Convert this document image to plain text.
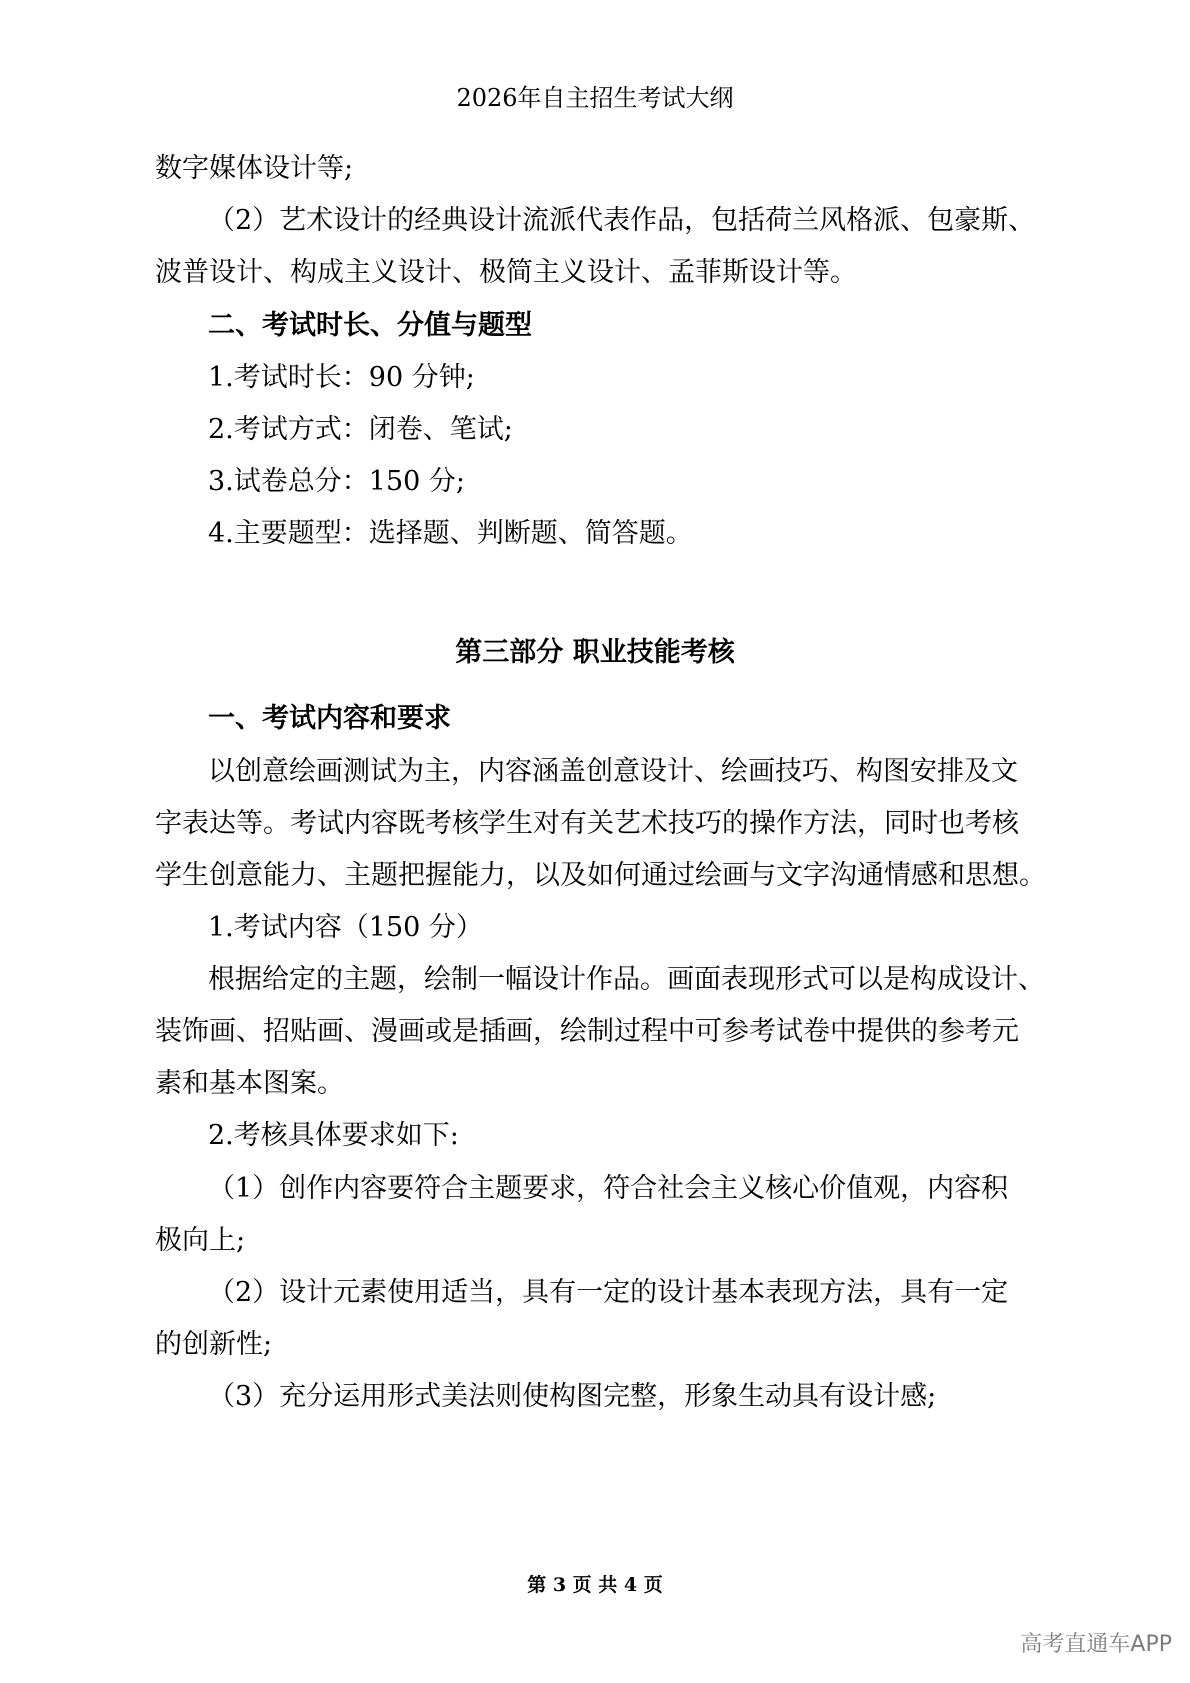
2026年自主招生考试大纲
数字媒体设计等;
（2）艺术设计的经典设计流派代表作品，包括荷兰风格派、包豪斯、
波普设计、构成主义设计、极简主义设计、孟菲斯设计等。
二、考试时长、分值与题型
1.考试时长：90 分钟;
2.考试方式：闭卷、笔试;
3.试卷总分：150 分;
4.主要题型：选择题、判断题、简答题。
第三部分 职业技能考核
一、考试内容和要求
以创意绘画测试为主，内容涵盖创意设计、绘画技巧、构图安排及文
字表达等。考试内容既考核学生对有关艺术技巧的操作方法，同时也考核
学生创意能力、主题把握能力，以及如何通过绘画与文字沟通情感和思想。
1.考试内容（150 分）
根据给定的主题，绘制一幅设计作品。画面表现形式可以是构成设计、
装饰画、招贴画、漫画或是插画，绘制过程中可参考试卷中提供的参考元
素和基本图案。
2.考核具体要求如下:
（1）创作内容要符合主题要求，符合社会主义核心价值观，内容积
极向上;
（2）设计元素使用适当，具有一定的设计基本表现方法，具有一定
的创新性;
（3）充分运用形式美法则使构图完整，形象生动具有设计感;
第 3 页 共 4 页
高考直通车APP
